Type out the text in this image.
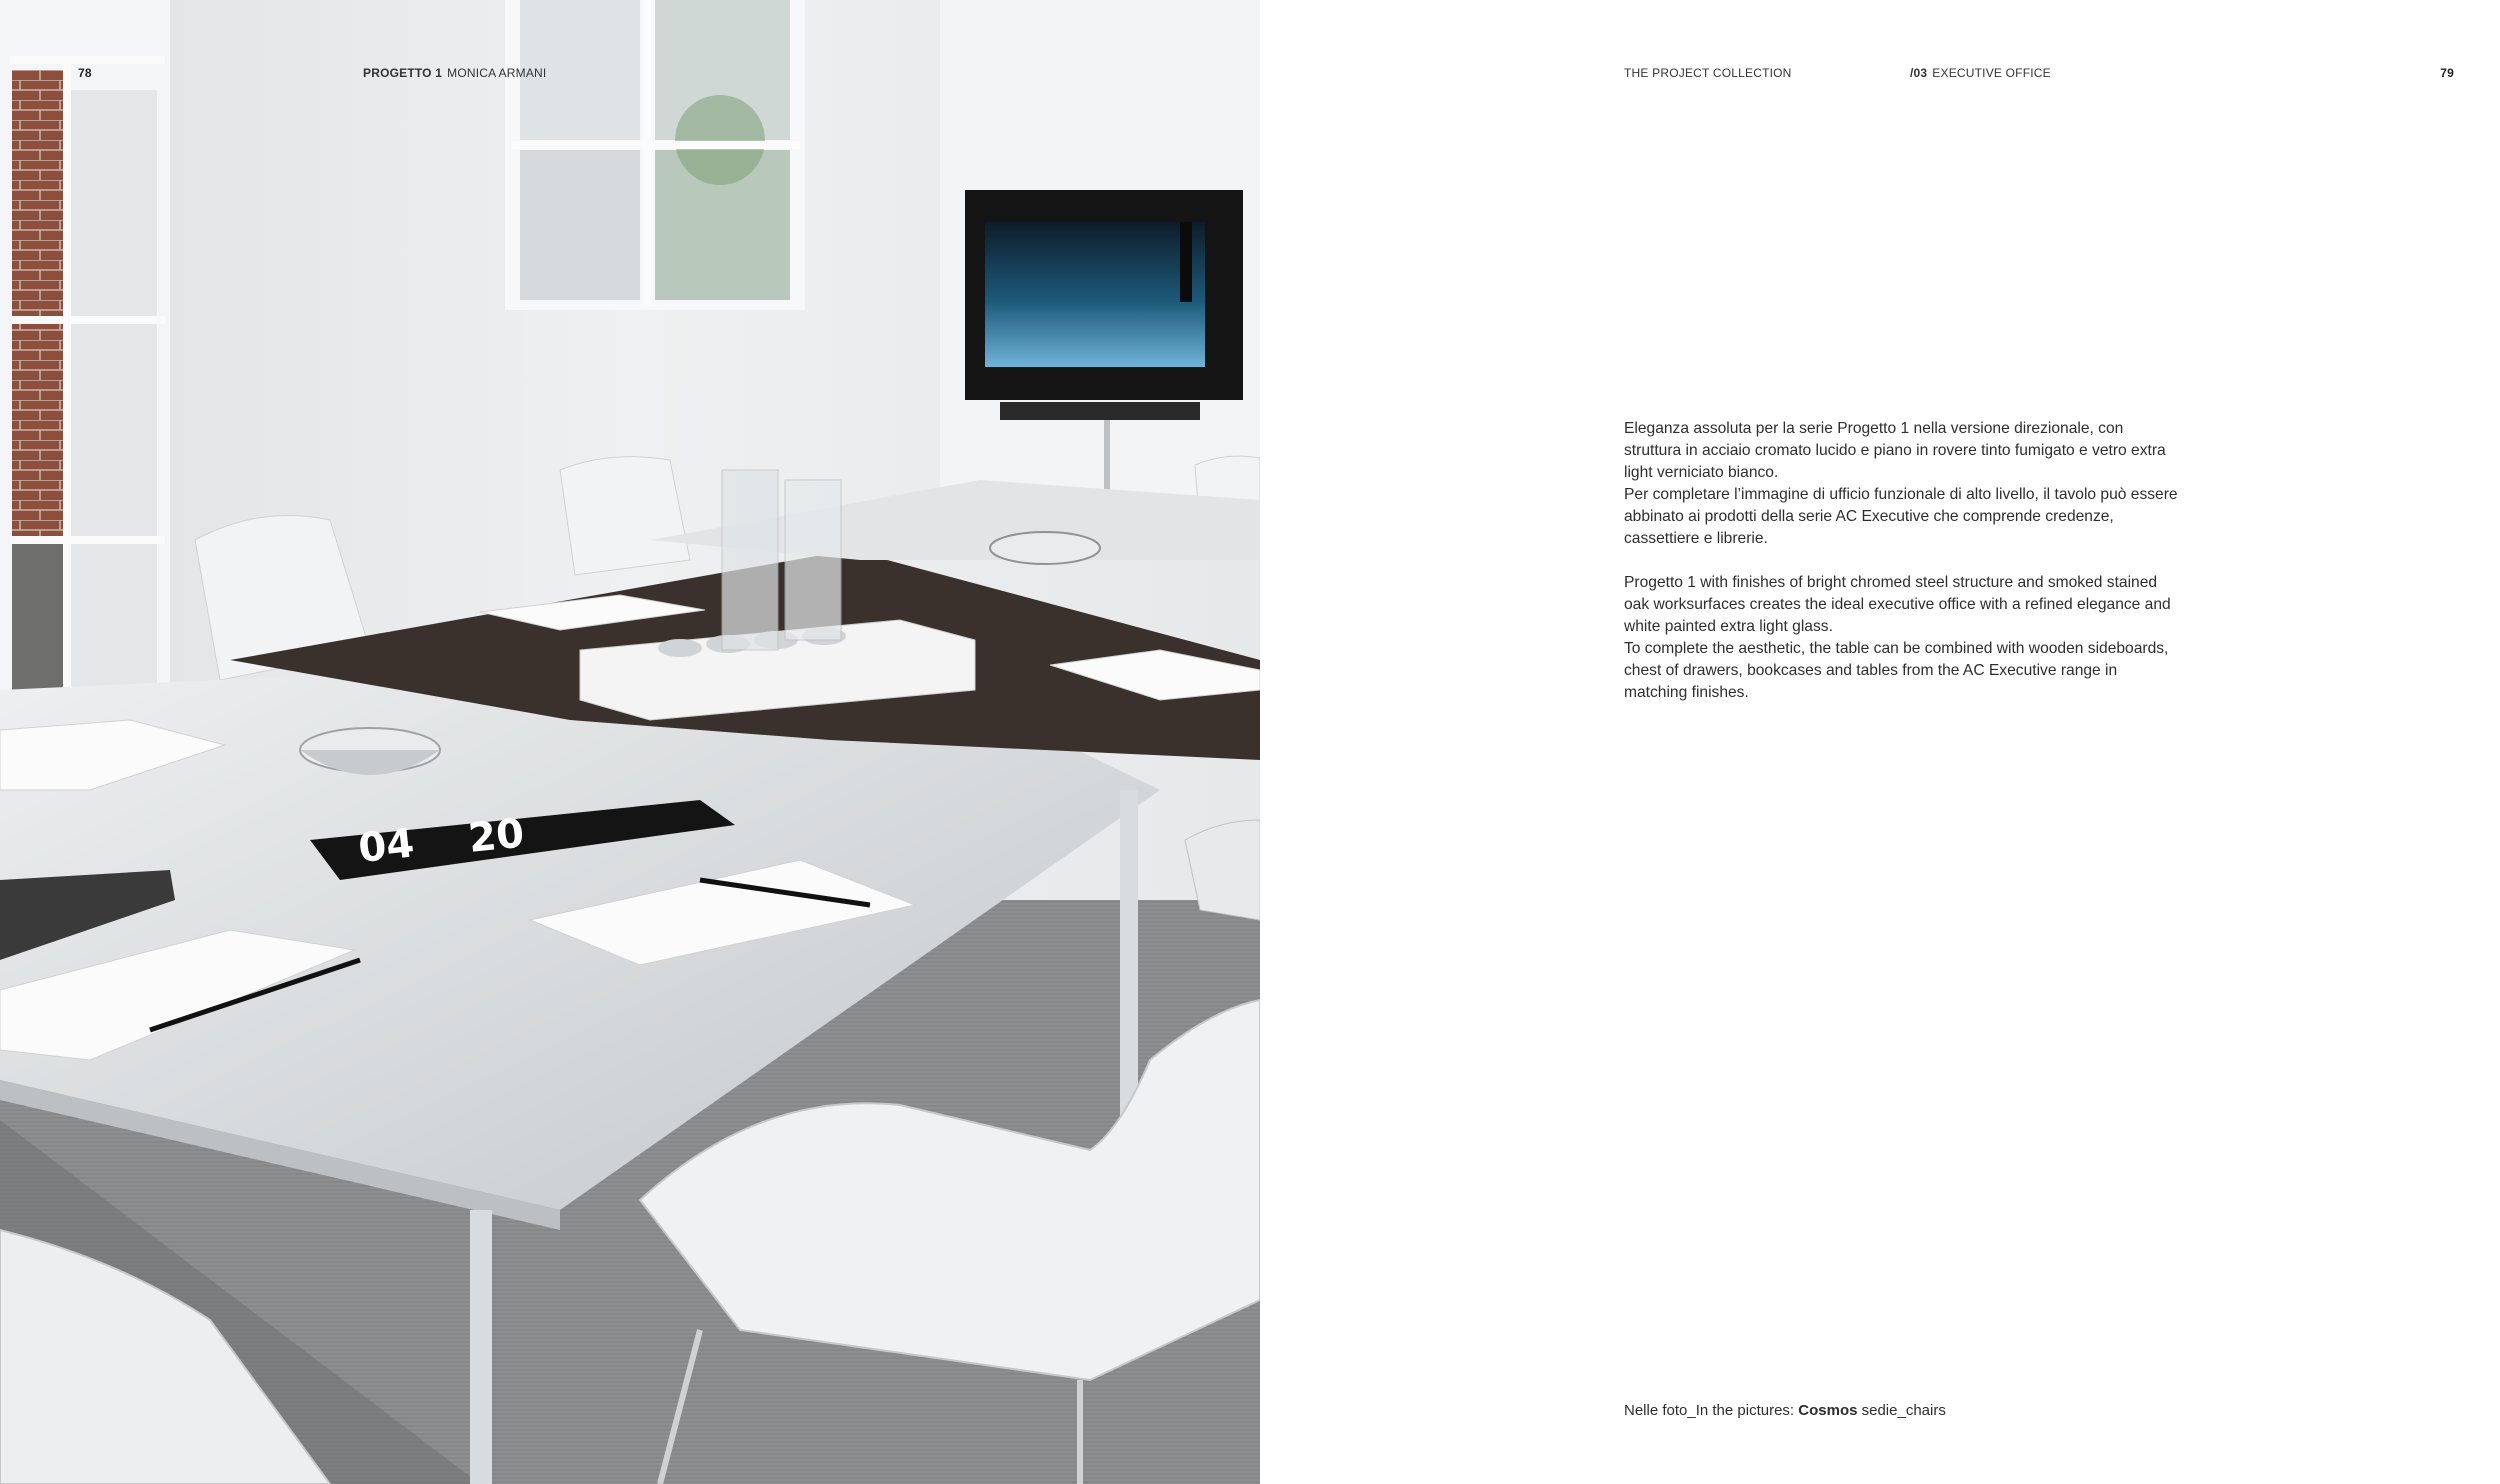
04 20
78	PROGETTO 1 MONICA ARMANI	THE PROJECT COLLECTION	/03 EXECUTIVE OFFICE	79

Eleganza assoluta per la serie Progetto 1 nella versione direzionale, con struttura in acciaio cromato lucido e piano in rovere tinto fumigato e vetro extra light verniciato bianco.

Per completare l’immagine di ufficio funzionale di alto livello, il tavolo può essere abbinato ai prodotti della serie AC Executive che comprende credenze, cassettiere e librerie.

Progetto 1 with finishes of bright chromed steel structure and smoked stained oak worksurfaces creates the ideal executive office with a refined elegance and white painted extra light glass.

To complete the aesthetic, the table can be combined with wooden sideboards, chest of drawers, bookcases and tables from the AC Executive range in matching finishes.

Nelle foto_In the pictures: Cosmos sedie_chairs
